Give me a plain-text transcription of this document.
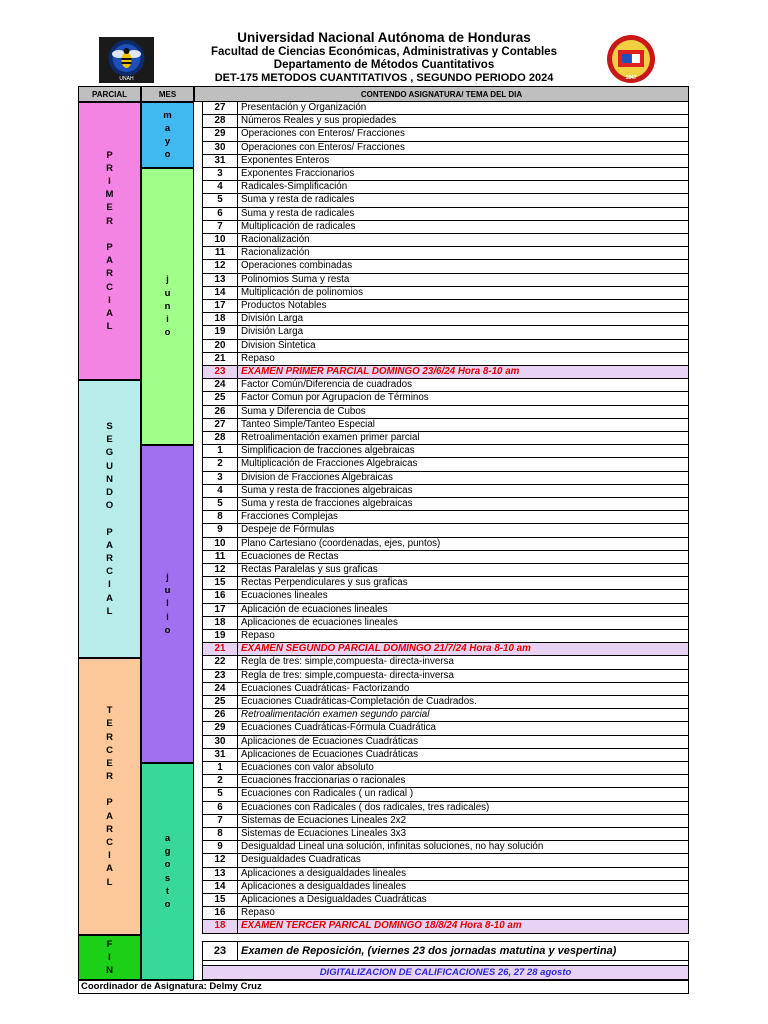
Universidad Nacional Autónoma de Honduras
Facultad de Ciencias Económicas, Administrativas y Contables
Departamento de Métodos Cuantitativos
DET-175 METODOS CUANTITATIVOS , SEGUNDO PERIODO 2024
UNAH	1847
PARCIAL	MES	CONTENDO ASIGNATURA/ TEMA DEL DIA
P
R
I
M
E
R
P
A
R
C
I
A
L
S
E
G
U
N
D
O
P
A
R
C
I
A
L
T
E
R
C
E
R
P
A
R
C
I
A
L
F
I
N
m
a
y
o
j
u
n
i
o
j
u
l
i
o
a
g
o
s
t
o
27	Presentación y Organización
28	Números Reales y sus propiedades
29	Operaciones con Enteros/ Fracciones
30	Operaciones con Enteros/ Fracciones
31	Exponentes Enteros
3	Exponentes Fraccionarios
4	Radicales-Simplificación
5	Suma y resta de radicales
6	Suma y resta de radicales
7	Multiplicación de radicales
10	Racionalización
11	Racionalización
12	Operaciones combinadas
13	Polinomios Suma y resta
14	Multiplicación de polinomios
17	Productos Notables
18	División Larga
19	División Larga
20	Division Sintetica
21	Repaso
23	EXAMEN PRIMER PARCIAL DOMINGO 23/6/24 Hora 8-10 am
24	Factor Común/Diferencia de cuadrados
25	Factor Comun por Agrupacion de Términos
26	Suma y Diferencia de Cubos
27	Tanteo Simple/Tanteo Especial
28	Retroalimentación examen primer parcial
1	Simplificacion de fracciones algebraicas
2	Multiplicación de Fracciones Algebraicas
3	Division de Fracciones Algebraicas
4	Suma y resta de fracciones algebraicas
5	Suma y resta de fracciones algebraicas
8	Fracciones Complejas
9	Despeje de Fórmulas
10	Plano Cartesiano (coordenadas, ejes, puntos)
11	Ecuaciones de Rectas
12	Rectas Paralelas y sus graficas
15	Rectas Perpendiculares y sus graficas
16	Ecuaciones lineales
17	Aplicación de ecuaciones lineales
18	Aplicaciones de ecuaciones lineales
19	Repaso
21	EXAMEN SEGUNDO PARCIAL DOMINGO 21/7/24 Hora 8-10 am
22	Regla de tres: simple,compuesta- directa-inversa
23	Regla de tres: simple,compuesta- directa-inversa
24	Ecuaciones Cuadráticas- Factorizando
25	Ecuaciones Cuadráticas-Completación de Cuadrados.
26	Retroalimentación examen segundo parcial
29	Ecuaciones Cuadráticas-Fórmula Cuadrática
30	Aplicaciones de Ecuaciones Cuadráticas
31	Aplicaciones de Ecuaciones Cuadráticas
1	Ecuaciones con valor absoluto
2	Ecuaciones fraccionarias o racionales
5	Ecuaciones con Radicales ( un radical )
6	Ecuaciones con Radicales ( dos radicales, tres radicales)
7	Sistemas de Ecuaciones Lineales 2x2
8	Sistemas de Ecuaciones Lineales 3x3
9	Desigualdad Lineal una solución, infinitas soluciones, no hay solución
12	Desigualdades Cuadraticas
13	Aplicaciones a desigualdades lineales
14	Aplicaciones a desigualdades lineales
15	Aplicaciones a Desigualdades Cuadráticas
16	Repaso
18	EXAMEN TERCER PARICAL DOMINGO 18/8/24 Hora 8-10 am
23	Examen de Reposición, (viernes 23 dos jornadas matutina y vespertina)
DIGITALIZACION DE CALIFICACIONES 26, 27 28 agosto
Coordinador de Asignatura: Delmy Cruz
